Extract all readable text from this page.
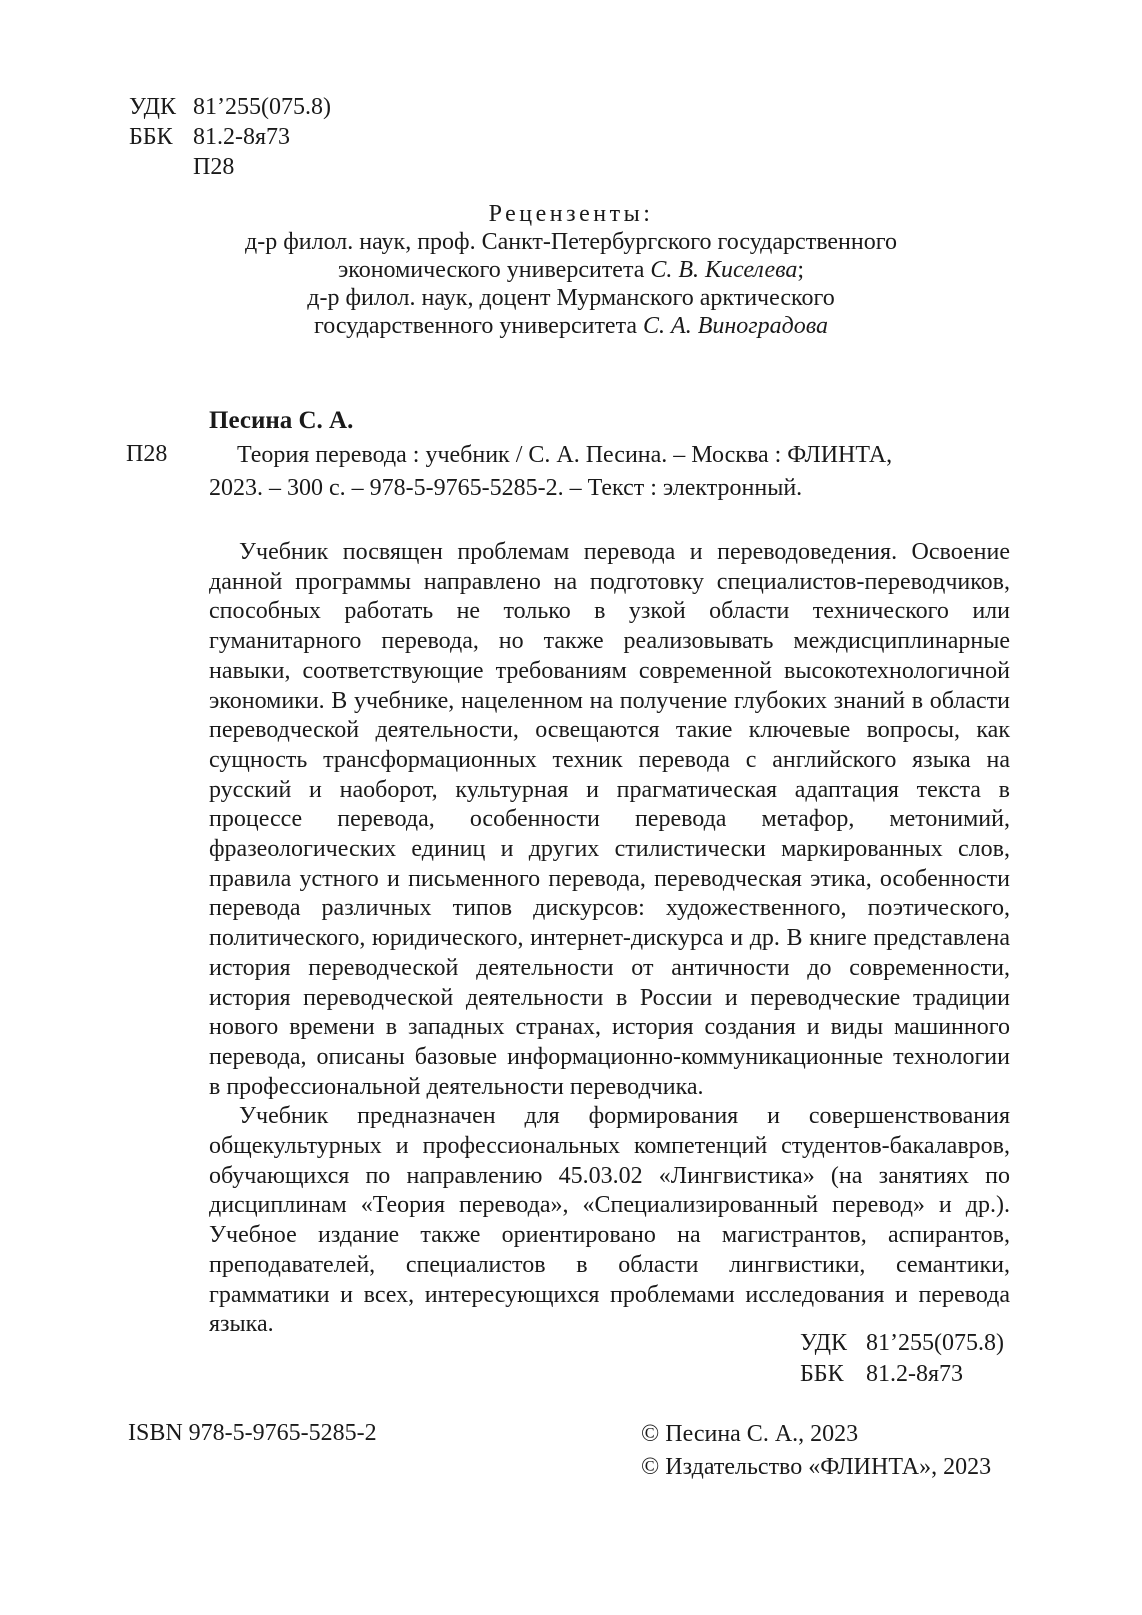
УДК 81’255(075.8)
ББК 81.2-8я73
П28
Рецензенты:
д-р филол. наук, проф. Санкт-Петербургского государственного
экономического университета С. В. Киселева;
д-р филол. наук, доцент Мурманского арктического
государственного университета С. А. Виноградова
Песина С. А.
П28	Теория перевода : учебник / С. А. Песина. – Москва : ФЛИНТА,
2023. – 300 с. – 978-5-9765-5285-2. – Текст : электронный.

Учебник посвящен проблемам перевода и переводоведения. Освоение данной программы направлено на подготовку специалистов-переводчиков, способных работать не только в узкой области технического или гуманитарного перевода, но также реализовывать междисциплинарные навыки, соответствующие требованиям современной высокотехнологичной экономики. В учебнике, нацеленном на получение глубоких знаний в области переводческой деятельности, освещаются такие ключевые вопросы, как сущность трансформационных техник перевода с английского языка на русский и наоборот, культурная и прагматическая адаптация текста в процессе перевода, особенности перевода метафор, метонимий, фразеологических единиц и других стилистически маркированных слов, правила устного и письменного перевода, переводческая этика, особенности перевода различных типов дискурсов: художественного, поэтического, политического, юридического, интернет-дискурса и др. В книге представлена история переводческой деятельности от античности до современности, история переводческой деятельности в России и переводческие традиции нового времени в западных странах, история создания и виды машинного перевода, описаны базовые информационно-коммуникационные технологии в профессиональной деятельности переводчика.

Учебник предназначен для формирования и совершенствования общекультурных и профессиональных компетенций студентов-бакалавров, обучающихся по направлению 45.03.02 «Лингвистика» (на занятиях по дисциплинам «Теория перевода», «Специализированный перевод» и др.). Учебное издание также ориентировано на магистрантов, аспирантов, преподавателей, специалистов в области лингвистики, семантики, грамматики и всех, интересующихся проблемами исследования и перевода языка.

УДК 81’255(075.8)
ББК 81.2-8я73
ISBN 978-5-9765-5285-2	© Песина С. А., 2023
© Издательство «ФЛИНТА», 2023
